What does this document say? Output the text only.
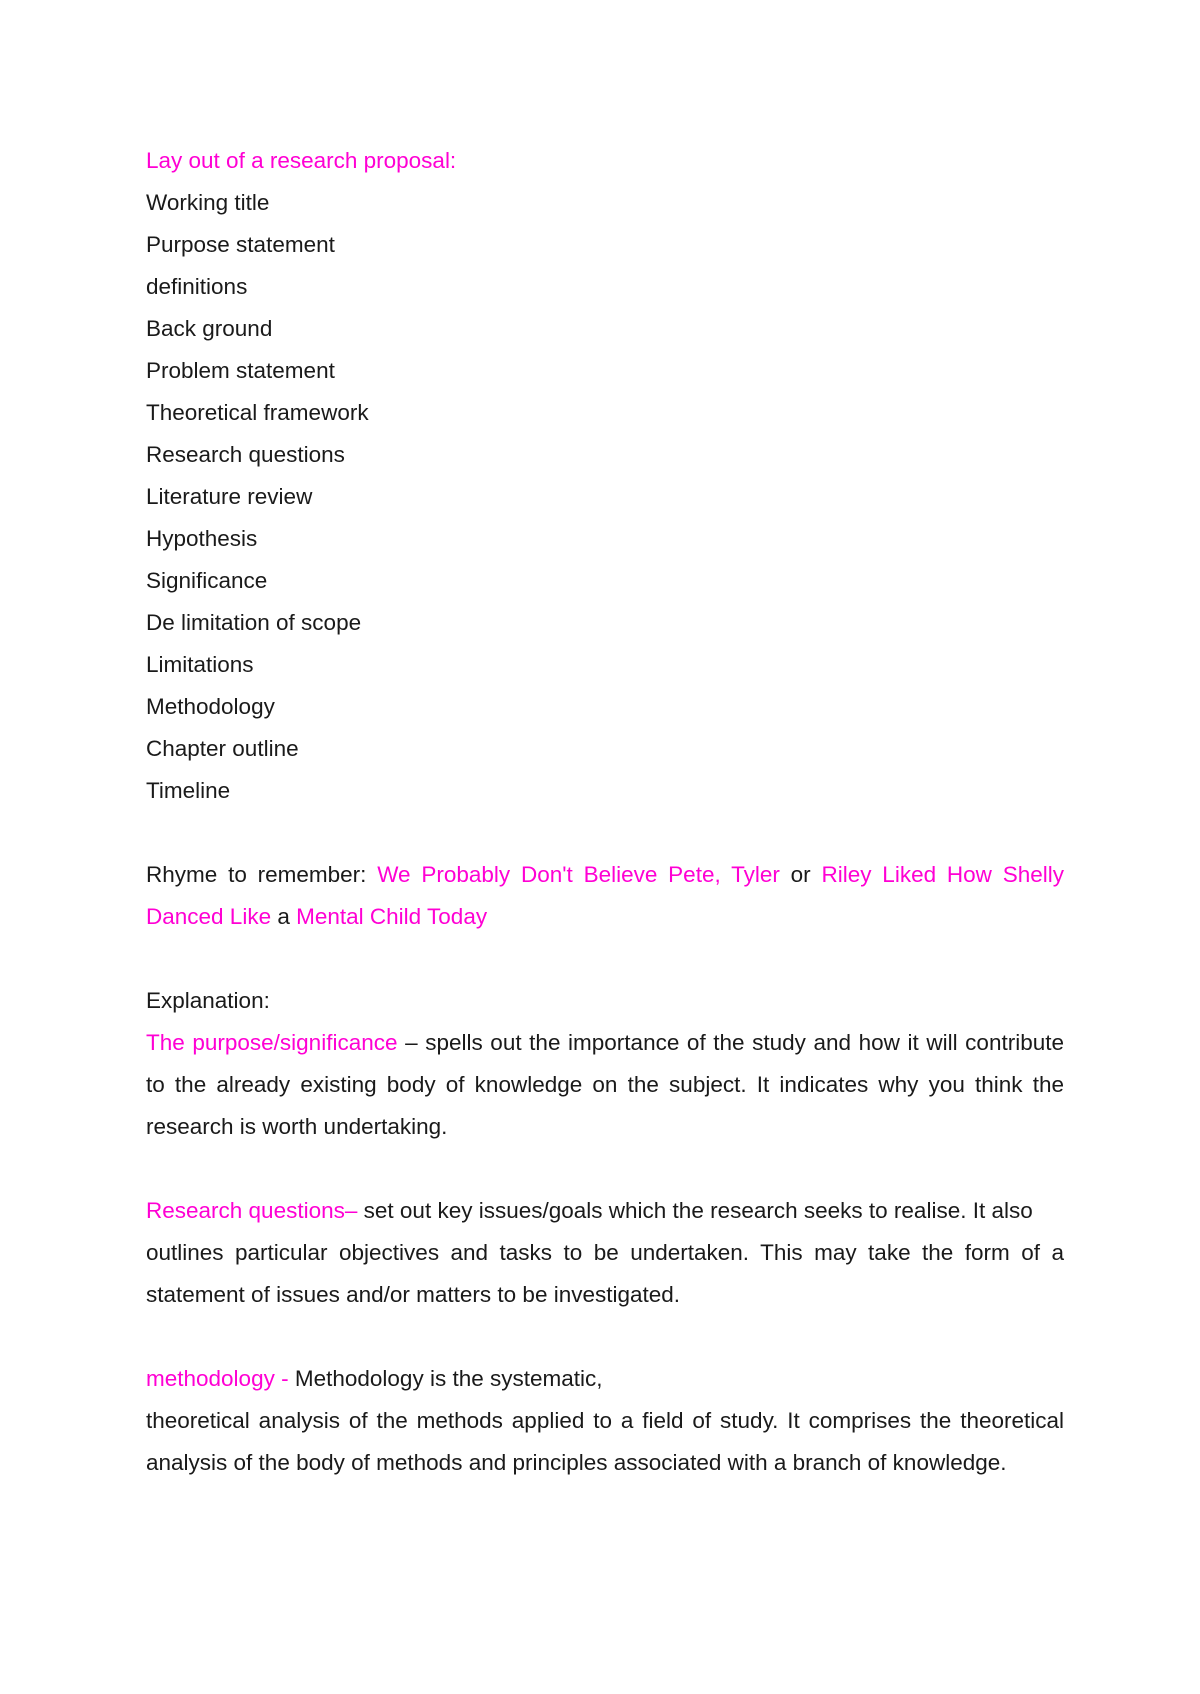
Lay out of a research proposal:

Working title

Purpose statement

definitions

Back ground

Problem statement

Theoretical framework

Research questions

Literature review

Hypothesis

Significance

De limitation of scope

Limitations

Methodology

Chapter outline

Timeline

Rhyme to remember: We Probably Don't Believe Pete, Tyler or Riley Liked How Shelly Danced Like a Mental Child Today

Explanation:

The purpose/significance – spells out the importance of the study and how it will contribute to the already existing body of knowledge on the subject. It indicates why you think the research is worth undertaking.

Research questions– set out key issues/goals which the research seeks to realise. It also

outlines particular objectives and tasks to be undertaken. This may take the form of a statement of issues and/or matters to be investigated.

methodology - Methodology is the systematic,

theoretical analysis of the methods applied to a field of study. It comprises the theoretical analysis of the body of methods and principles associated with a branch of knowledge.
